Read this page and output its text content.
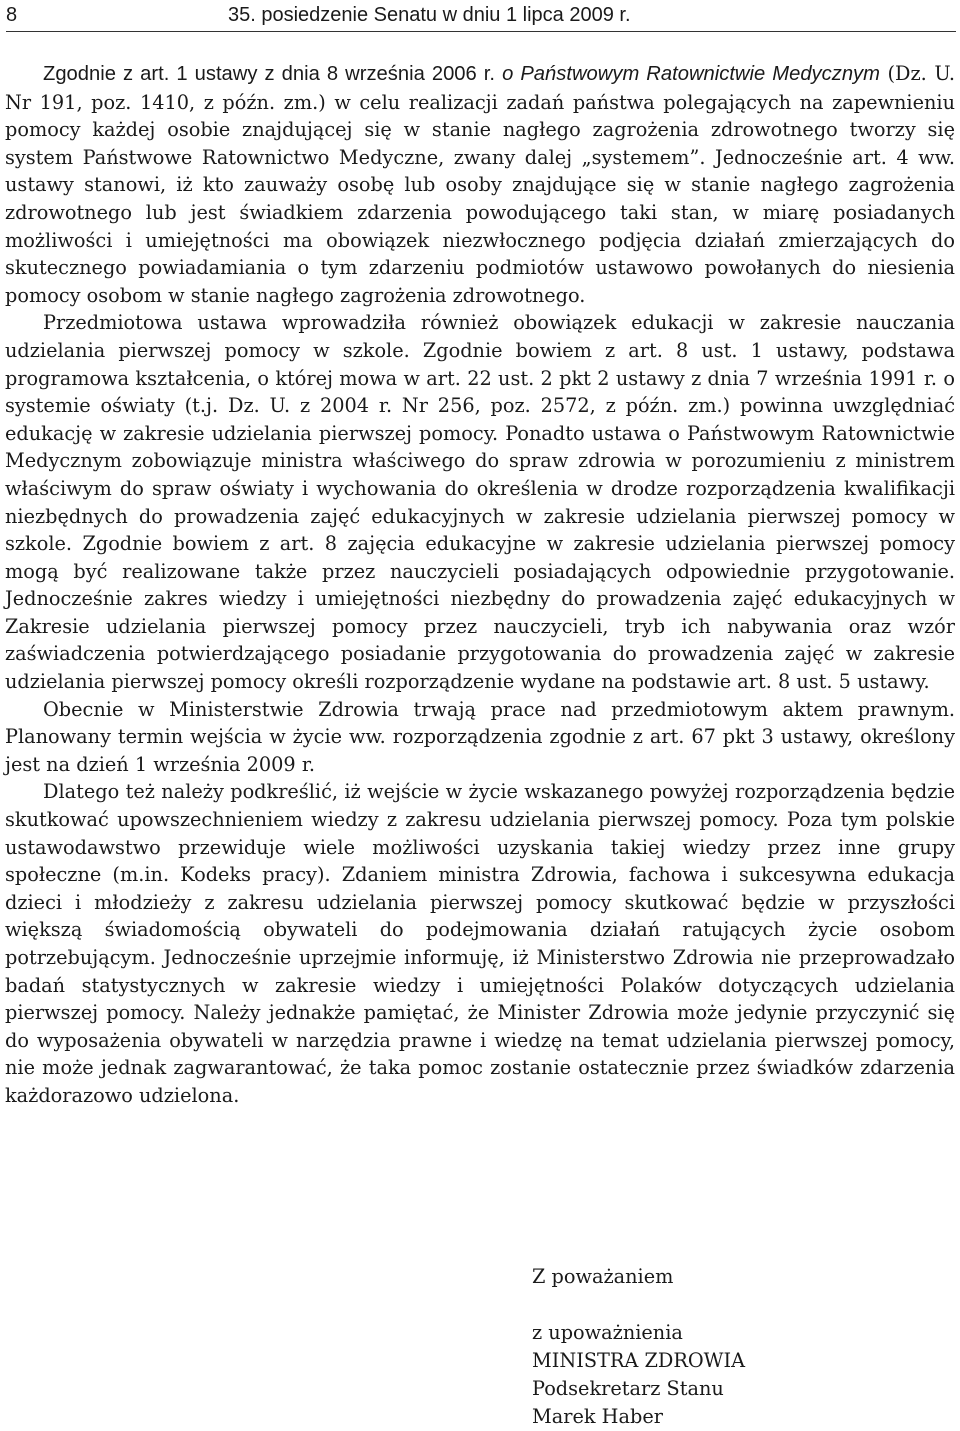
8	35. posiedzenie Senatu w dniu 1 lipca 2009 r.

Zgodnie z art. 1 ustawy z dnia 8 września 2006 r. o Państwowym Ratownictwie Medycznym (Dz. U. Nr 191, poz. 1410, z późn. zm.) w celu realizacji zadań państwa polegających na zapewnieniu pomocy każdej osobie znajdującej się w stanie nagłego zagrożenia zdrowotnego tworzy się system Państwowe Ratownictwo Medyczne, zwany dalej „systemem”. Jednocześnie art. 4 ww. ustawy stanowi, iż kto zauważy osobę lub osoby znajdujące się w stanie nagłego zagrożenia zdrowotnego lub jest świadkiem zdarzenia powodującego taki stan, w miarę posiadanych możliwości i umiejętności ma obowiązek niezwłocznego podjęcia działań zmierzających do skutecznego powiadamiania o tym zdarzeniu podmiotów ustawowo powołanych do niesienia pomocy osobom w stanie nagłego zagrożenia zdrowotnego.

Przedmiotowa ustawa wprowadziła również obowiązek edukacji w zakresie nauczania udzielania pierwszej pomocy w szkole. Zgodnie bowiem z art. 8 ust. 1 ustawy, podstawa programowa kształcenia, o której mowa w art. 22 ust. 2 pkt 2 ustawy z dnia 7 września 1991 r. o systemie oświaty (t.j. Dz. U. z 2004 r. Nr 256, poz. 2572, z późn. zm.) powinna uwzględniać edukację w zakresie udzielania pierwszej pomocy. Ponadto ustawa o Państwowym Ratownictwie Medycznym zobowiązuje ministra właściwego do spraw zdrowia w porozumieniu z ministrem właściwym do spraw oświaty i wychowania do określenia w drodze rozporządzenia kwalifikacji niezbędnych do prowadzenia zajęć edukacyjnych w zakresie udzielania pierwszej pomocy w szkole. Zgodnie bowiem z art. 8 zajęcia edukacyjne w zakresie udzielania pierwszej pomocy mogą być realizowane także przez nauczycieli posiadających odpowiednie przygotowanie. Jednocześnie zakres wiedzy i umiejętności niezbędny do prowadzenia zajęć edukacyjnych w Zakresie udzielania pierwszej pomocy przez nauczycieli, tryb ich nabywania oraz wzór zaświadczenia potwierdzającego posiadanie przygotowania do prowadzenia zajęć w zakresie udzielania pierwszej pomocy określi rozporządzenie wydane na podstawie art. 8 ust. 5 ustawy.

Obecnie w Ministerstwie Zdrowia trwają prace nad przedmiotowym aktem prawnym. Planowany termin wejścia w życie ww. rozporządzenia zgodnie z art. 67 pkt 3 ustawy, określony jest na dzień 1 września 2009 r.

Dlatego też należy podkreślić, iż wejście w życie wskazanego powyżej rozporządzenia będzie skutkować upowszechnieniem wiedzy z zakresu udzielania pierwszej pomocy. Poza tym polskie ustawodawstwo przewiduje wiele możliwości uzyskania takiej wiedzy przez inne grupy społeczne (m.in. Kodeks pracy). Zdaniem ministra Zdrowia, fachowa i sukcesywna edukacja dzieci i młodzieży z zakresu udzielania pierwszej pomocy skutkować będzie w przyszłości większą świadomością obywateli do podejmowania działań ratujących życie osobom potrzebującym. Jednocześnie uprzejmie informuję, iż Ministerstwo Zdrowia nie przeprowadzało badań statystycznych w zakresie wiedzy i umiejętności Polaków dotyczących udzielania pierwszej pomocy. Należy jednakże pamiętać, że Minister Zdrowia może jedynie przyczynić się do wyposażenia obywateli w narzędzia prawne i wiedzę na temat udzielania pierwszej pomocy, nie może jednak zagwarantować, że taka pomoc zostanie ostatecznie przez świadków zdarzenia każdorazowo udzielona.

Z poważaniem
z upoważnienia
MINISTRA ZDROWIA
Podsekretarz Stanu
Marek Haber
